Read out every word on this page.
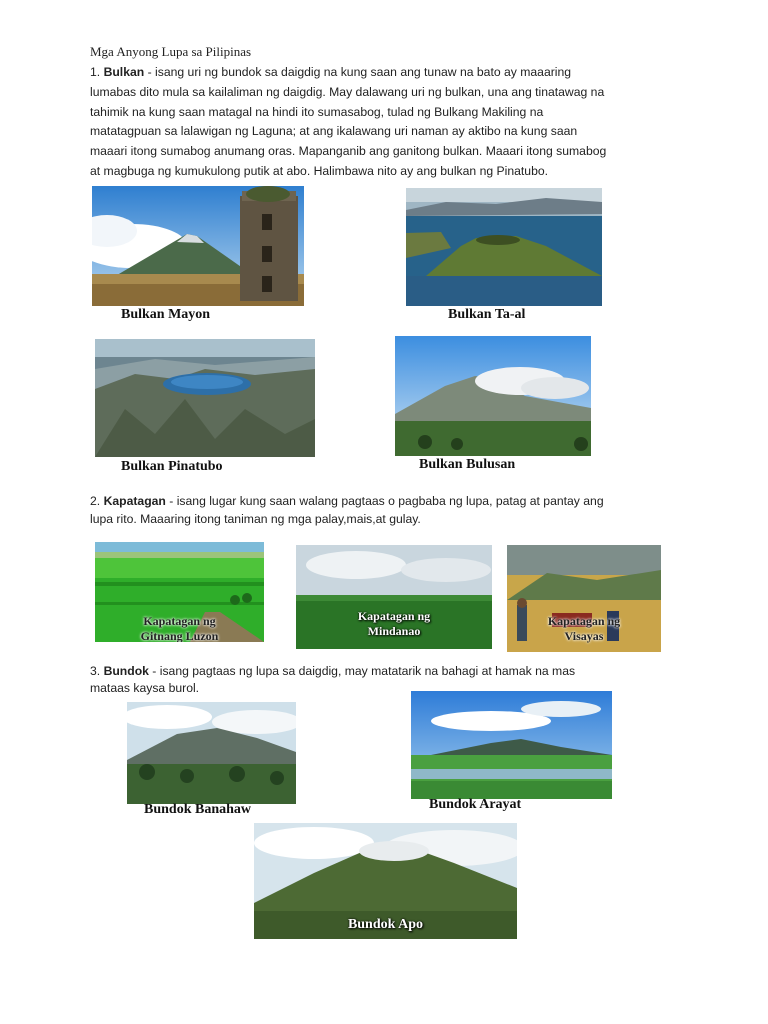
Mga Anyong Lupa sa Pilipinas
1. Bulkan - isang uri ng bundok sa daigdig na kung saan ang tunaw na bato ay maaaring
lumabas dito mula sa kailaliman ng daigdig. May dalawang uri ng bulkan, una ang tinatawag na
tahimik na kung saan matagal na hindi ito sumasabog, tulad ng Bulkang Makiling na
matatagpuan sa lalawigan ng Laguna; at ang ikalawang uri naman ay aktibo na kung saan
maaari itong sumabog anumang oras. Mapanganib ang ganitong bulkan. Maaari itong sumabog
at magbuga ng kumukulong putik at abo. Halimbawa nito ay ang bulkan ng Pinatubo.
Bulkan Mayon	Bulkan Ta-al
Bulkan Pinatubo	Bulkan Bulusan
2. Kapatagan - isang lugar kung saan walang pagtaas o pagbaba ng lupa, patag at pantay ang
lupa rito. Maaaring itong taniman ng mga palay,mais,at gulay.
Kapatagan ng
Gitnang Luzon
Kapatagan ng
Mindanao
Kapatagan ng
Visayas
3. Bundok - isang pagtaas ng lupa sa daigdig, may matatarik na bahagi at hamak na mas
mataas kaysa burol.
Bundok Banahaw	Bundok Arayat
Bundok Apo
